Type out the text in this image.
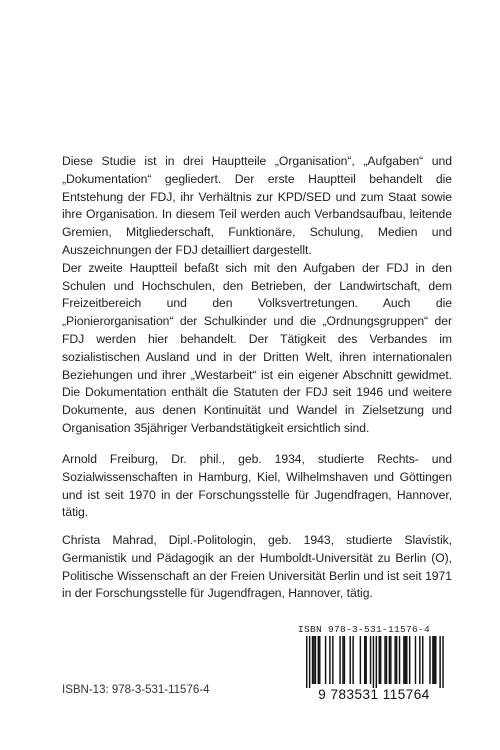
Diese Studie ist in drei Hauptteile „Organisation“, „Aufgaben“ und „Dokumentation“ gegliedert. Der erste Hauptteil behandelt die Entstehung der FDJ, ihr Verhältnis zur KPD/SED und zum Staat sowie ihre Organisation. In diesem Teil werden auch Verbandsaufbau, leitende Gremien, Mitgliederschaft, Funktionäre, Schulung, Medien und Auszeichnungen der FDJ detailliert dargestellt.

Der zweite Hauptteil befaßt sich mit den Aufgaben der FDJ in den Schulen und Hochschulen, den Betrieben, der Landwirtschaft, dem Freizeitbereich und den Volksvertretungen. Auch die „Pionierorganisation“ der Schulkinder und die „Ordnungsgruppen“ der FDJ werden hier behandelt. Der Tätigkeit des Verbandes im sozialistischen Ausland und in der Dritten Welt, ihren internationalen Beziehungen und ihrer „Westarbeit“ ist ein eigener Abschnitt gewidmet. Die Dokumentation enthält die Statuten der FDJ seit 1946 und weitere Dokumente, aus denen Kontinuität und Wandel in Zielsetzung und Organisation 35jähriger Verbandstätigkeit ersichtlich sind.

Arnold Freiburg, Dr. phil., geb. 1934, studierte Rechts- und Sozialwissenschaften in Hamburg, Kiel, Wilhelmshaven und Göttingen und ist seit 1970 in der Forschungsstelle für Jugendfragen, Hannover, tätig.

Christa Mahrad, Dipl.-Politologin, geb. 1943, studierte Slavistik, Germanistik und Pädagogik an der Humboldt-Universität zu Berlin (O), Politische Wissenschaft an der Freien Universität Berlin und ist seit 1971 in der Forschungsstelle für Jugendfragen, Hannover, tätig.

ISBN-13: 978-3-531-11576-4
ISBN 978-3-531-11576-4
9 783531 115764
